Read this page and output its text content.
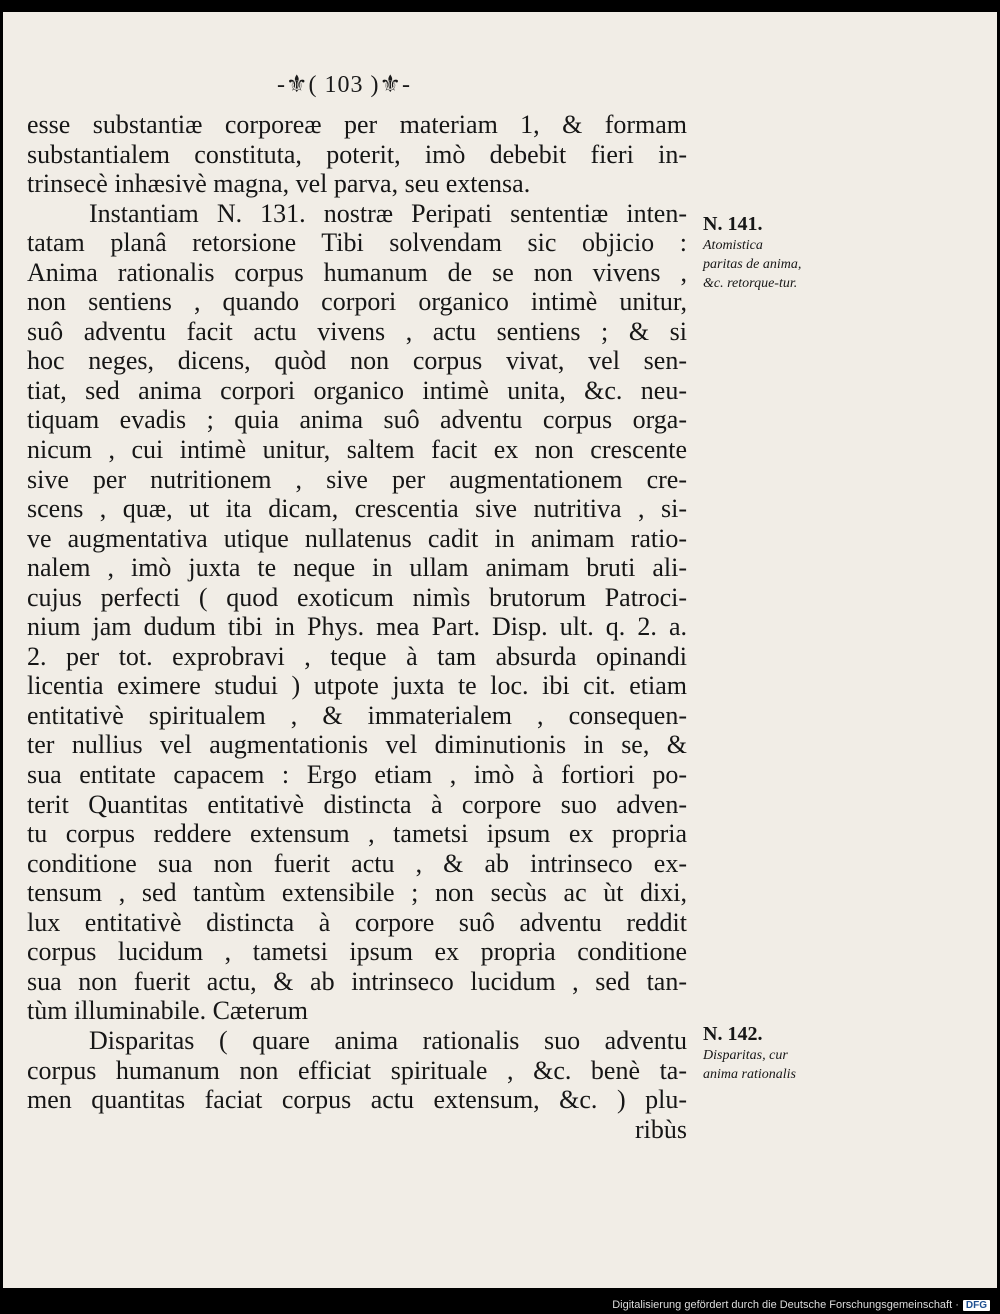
-⚜( 103 )⚜-
esse substantiæ corporeæ per materiam 1, & formam
substantialem constituta, poterit, imò debebit fieri in-
trinsecè inhæsivè magna, vel parva, seu extensa.
Instantiam N. 131. nostræ Peripati sententiæ inten-
tatam planâ retorsione Tibi solvendam sic objicio :
Anima rationalis corpus humanum de se non vivens ,
non sentiens , quando corpori organico intimè unitur,
suô adventu facit actu vivens , actu sentiens ; & si
hoc neges, dicens, quòd non corpus vivat, vel sen-
tiat, sed anima corpori organico intimè unita, &c. neu-
tiquam evadis ; quia anima suô adventu corpus orga-
nicum , cui intimè unitur, saltem facit ex non crescente
sive per nutritionem , sive per augmentationem cre-
scens , quæ, ut ita dicam, crescentia sive nutritiva , si-
ve augmentativa utique nullatenus cadit in animam ratio-
nalem , imò juxta te neque in ullam animam bruti ali-
cujus perfecti ( quod exoticum nimìs brutorum Patroci-
nium jam dudum tibi in Phys. mea Part. Disp. ult. q. 2. a.
2. per tot. exprobravi , teque à tam absurda opinandi
licentia eximere studui ) utpote juxta te loc. ibi cit. etiam
entitativè spiritualem , & immaterialem , consequen-
ter nullius vel augmentationis vel diminutionis in se, &
sua entitate capacem : Ergo etiam , imò à fortiori po-
terit Quantitas entitativè distincta à corpore suo adven-
tu corpus reddere extensum , tametsi ipsum ex propria
conditione sua non fuerit actu , & ab intrinseco ex-
tensum , sed tantùm extensibile ; non secùs ac ùt dixi,
lux entitativè distincta à corpore suô adventu reddit
corpus lucidum , tametsi ipsum ex propria conditione
sua non fuerit actu, & ab intrinseco lucidum , sed tan-
tùm illuminabile. Cæterum
Disparitas ( quare anima rationalis suo adventu
corpus humanum non efficiat spirituale , &c. benè ta-
men quantitas faciat corpus actu extensum, &c. ) plu-
ribùs
N. 141.
Atomistica paritas de anima, &c. retorque-tur.
N. 142.
Disparitas, cur anima rationalis
Digitalisierung gefördert durch die Deutsche Forschungsgemeinschaft · DFG
